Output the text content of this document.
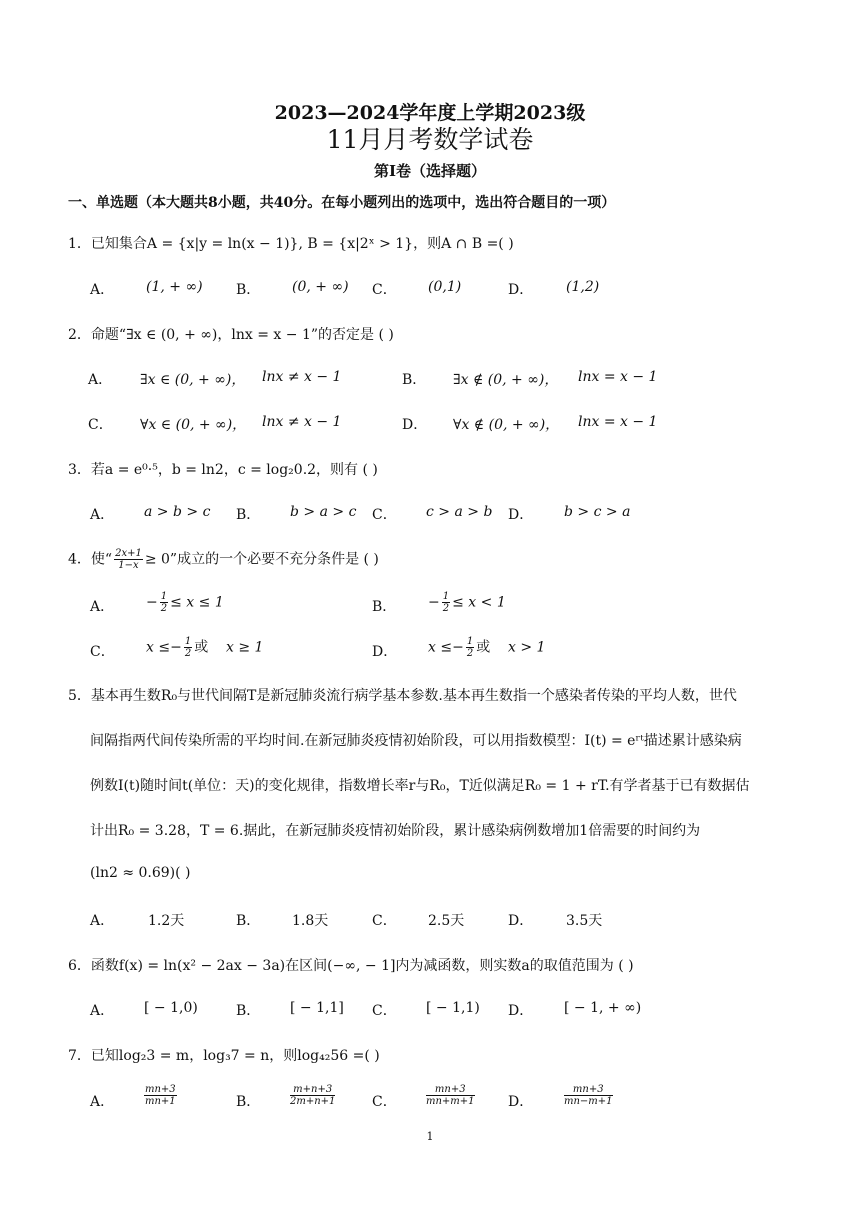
2023—2024学年度上学期2023级
11月月考数学试卷
第I卷（选择题）
一、单选题（本大题共8小题，共40分。在每小题列出的选项中，选出符合题目的一项）
1．已知集合A = {x|y = ln(x − 1)}, B = {x|2ˣ > 1}，则A ∩ B =( )
A． (1, + ∞) B． (0, + ∞) C． (0,1)	D． (1,2)
2．命题“∃x ∈ (0, + ∞)，lnx = x − 1”的否定是 ( )
A． ∃x ∈ (0, + ∞)， lnx ≠ x − 1	B． ∃x ∉ (0, + ∞)， lnx = x − 1
C． ∀x ∈ (0, + ∞)， lnx ≠ x − 1	D． ∀x ∉ (0, + ∞)， lnx = x − 1
3．若a = e⁰·⁵，b = ln2，c = log₂0.2，则有 ( )
A． a > b > c B． b > a > c C． c > a > b D． b > c > a
4．使“ $\frac{2x+1}{1-x} \ge 0$”成立的一个必要不充分条件是 ( )
A． − $\frac{1}{2} \le x \le 1$	B． − $\frac{1}{2} \le x < 1$
C． $x \le- \frac{1}{2}$ 或 x ≥ 1	D． $x \le- \frac{1}{2}$ 或 x > 1
5．基本再生数R₀与世代间隔T是新冠肺炎流行病学基本参数.基本再生数指一个感染者传染的平均人数，世代
间隔指两代间传染所需的平均时间.在新冠肺炎疫情初始阶段，可以用指数模型：I(t) = eʳᵗ描述累计感染病
例数I(t)随时间t(单位：天)的变化规律，指数增长率r与R₀，T近似满足R₀ = 1 + rT.有学者基于已有数据估
计出R₀ = 3.28，T = 6.据此，在新冠肺炎疫情初始阶段，累计感染病例数增加1倍需要的时间约为
(ln2 ≈ 0.69)( )
A． 1.2天	B． 1.8天	C． 2.5天	D． 3.5天
6．函数f(x) = ln(x² − 2ax − 3a)在区间(−∞, − 1]内为减函数，则实数a的取值范围为 ( )
A． [ − 1,0)	B． [ − 1,1] C． [ − 1,1) D． [ − 1, + ∞)
7．已知log₂3 = m，log₃7 = n，则log₄₂56 =( )
A．	$\frac{mn+3}{mn+1}$	B．	$\frac{m+n+3}{2m+n+1}$	C．	$\frac{mn+3}{mn+m+1}$ D．	$\frac{mn+3}{mn-m+1}$
1
